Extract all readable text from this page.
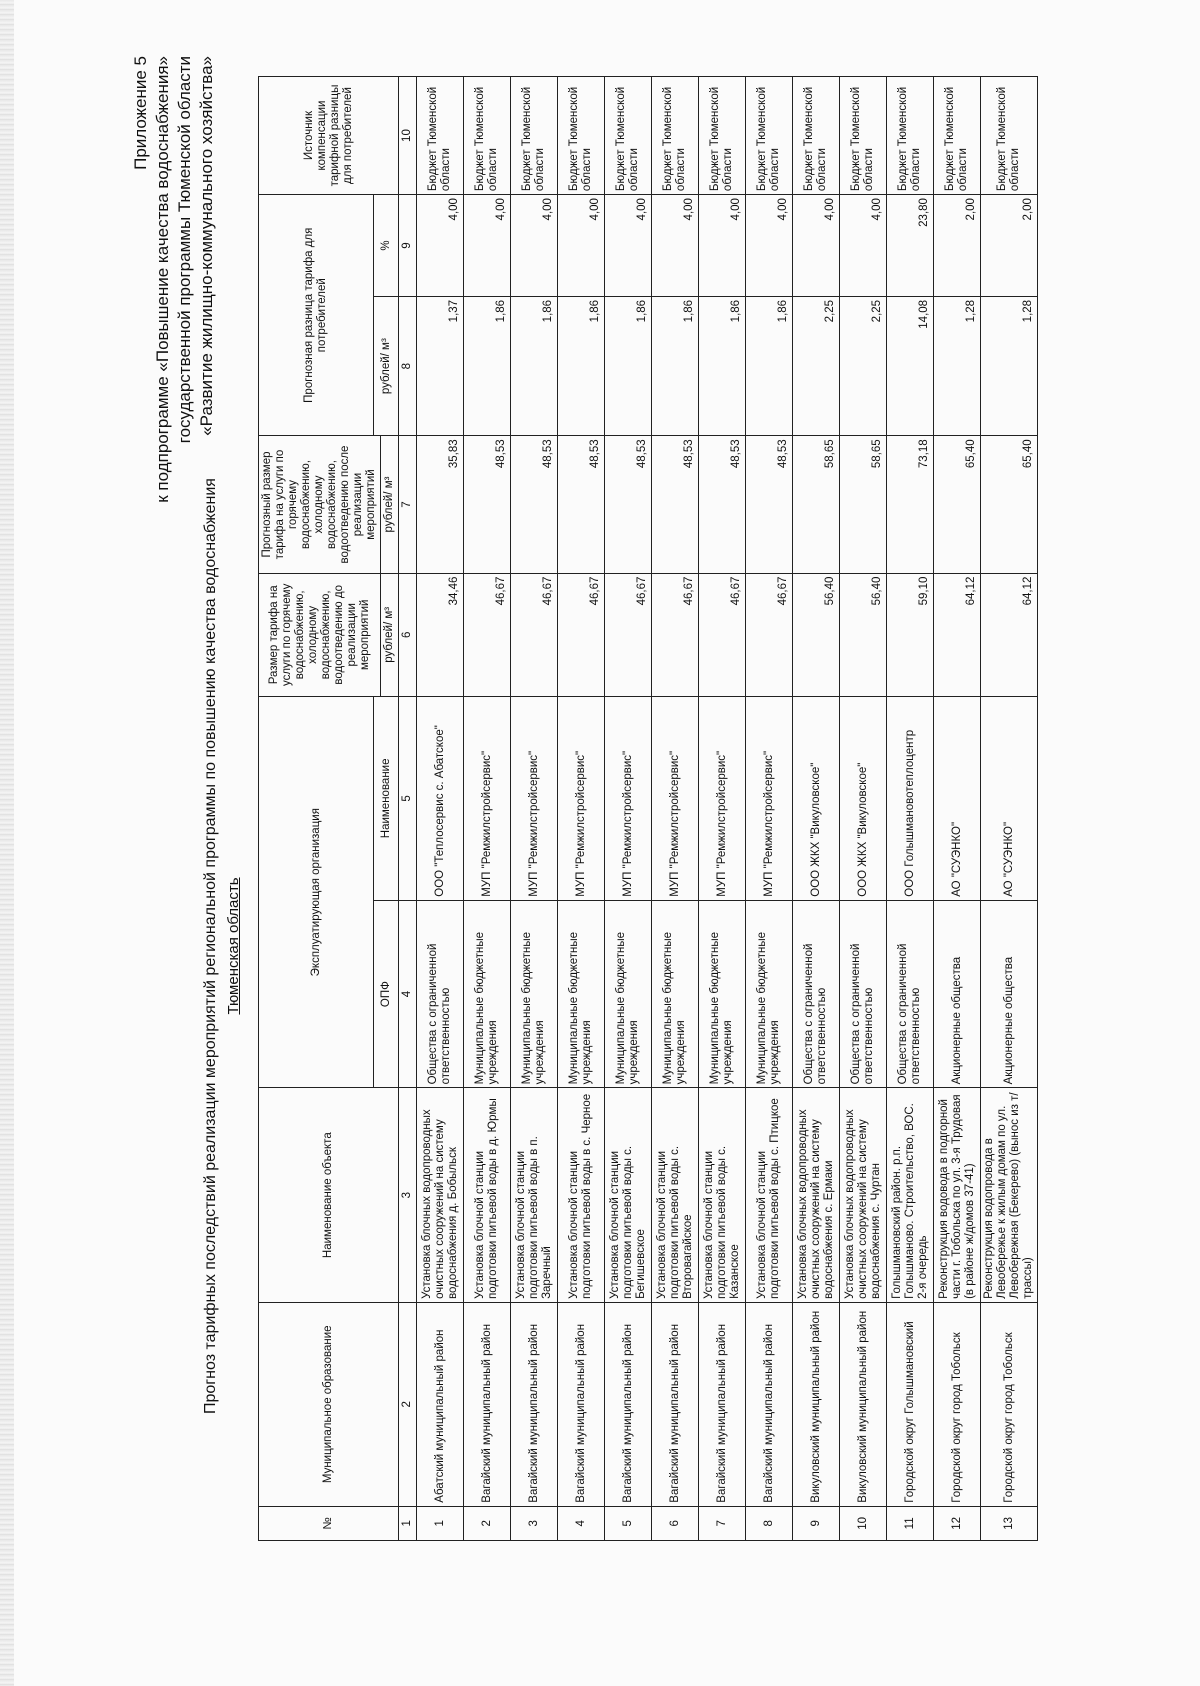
Приложение 5 к подпрограмме «Повышение качества водоснабжения» государственной программы Тюменской области «Развитие жилищно-коммунального хозяйства»
Прогноз тарифных последствий реализации мероприятий региональной программы по повышению качества водоснабжения Тюменская область
№	Муниципальное образование	Наименование объекта	Эксплуатирующая организация		Размер тарифа на услуги по горячему водоснабжению, холодному водоснабжению, водоотведению до реализации мероприятий	Прогнозный размер тарифа на услуги по горячему водоснабжению, холодному водоснабжению, водоотведению после реализации мероприятий	Прогнозная разница тарифа для потребителей		Источник компенсации тарифной разницы для потребителей
			ОПФ	Наименование			рублей/ м³	%	
					рублей/ м³	рублей/ м³			
1	2	3	4	5	6	7	8	9	10
1	Абатский муниципальный район	Установка блочных водопроводных очистных сооружений на систему водоснабжения д. Бобыльск	Общества с ограниченной ответственностью	ООО "Теплосервис с. Абатское"	34,46	35,83	1,37	4,00	Бюджет Тюменской области
2	Вагайский муниципальный район	Установка блочной станции подготовки питьевой воды в д. Юрмы	Муниципальные бюджетные учреждения	МУП "Ремжилстройсервис"	46,67	48,53	1,86	4,00	Бюджет Тюменской области
3	Вагайский муниципальный район	Установка блочной станции подготовки питьевой воды в п. Заречный	Муниципальные бюджетные учреждения	МУП "Ремжилстройсервис"	46,67	48,53	1,86	4,00	Бюджет Тюменской области
4	Вагайский муниципальный район	Установка блочной станции подготовки питьевой воды в с. Черное	Муниципальные бюджетные учреждения	МУП "Ремжилстройсервис"	46,67	48,53	1,86	4,00	Бюджет Тюменской области
5	Вагайский муниципальный район	Установка блочной станции подготовки питьевой воды с. Бегишевское	Муниципальные бюджетные учреждения	МУП "Ремжилстройсервис"	46,67	48,53	1,86	4,00	Бюджет Тюменской области
6	Вагайский муниципальный район	Установка блочной станции подготовки питьевой воды с. Второвагайское	Муниципальные бюджетные учреждения	МУП "Ремжилстройсервис"	46,67	48,53	1,86	4,00	Бюджет Тюменской области
7	Вагайский муниципальный район	Установка блочной станции подготовки питьевой воды с. Казанское	Муниципальные бюджетные учреждения	МУП "Ремжилстройсервис"	46,67	48,53	1,86	4,00	Бюджет Тюменской области
8	Вагайский муниципальный район	Установка блочной станции подготовки питьевой воды с. Птицкое	Муниципальные бюджетные учреждения	МУП "Ремжилстройсервис"	46,67	48,53	1,86	4,00	Бюджет Тюменской области
9	Викуловский муниципальный район	Установка блочных водопроводных очистных сооружений на систему водоснабжения с. Ермаки	Общества с ограниченной ответственностью	ООО ЖКХ "Викуловское"	56,40	58,65	2,25	4,00	Бюджет Тюменской области
10	Викуловский муниципальный район	Установка блочных водопроводных очистных сооружений на систему водоснабжения с. Чуртан	Общества с ограниченной ответственностью	ООО ЖКХ "Викуловское"	56,40	58,65	2,25	4,00	Бюджет Тюменской области
11	Городской округ Голышмановский	Голышмановский район. р.п. Голышманово. Строительство, ВОС. 2-я очередь	Общества с ограниченной ответственностью	ООО Голышмановотеплоцентр	59,10	73,18	14,08	23,80	Бюджет Тюменской области
12	Городской округ город Тобольск	Реконструкция водовода в подгорной части г. Тобольска по ул. 3-я Трудовая (в районе ж/домов 37-41)	Акционерные общества	АО "СУЭНКО"	64,12	65,40	1,28	2,00	Бюджет Тюменской области
13	Городской округ город Тобольск	Реконструкция водопровода в Левобережье к жилым домам по ул. Левобережная (Бекерево) (вынос из т/трассы)	Акционерные общества	АО "СУЭНКО"	64,12	65,40	1,28	2,00	Бюджет Тюменской области
